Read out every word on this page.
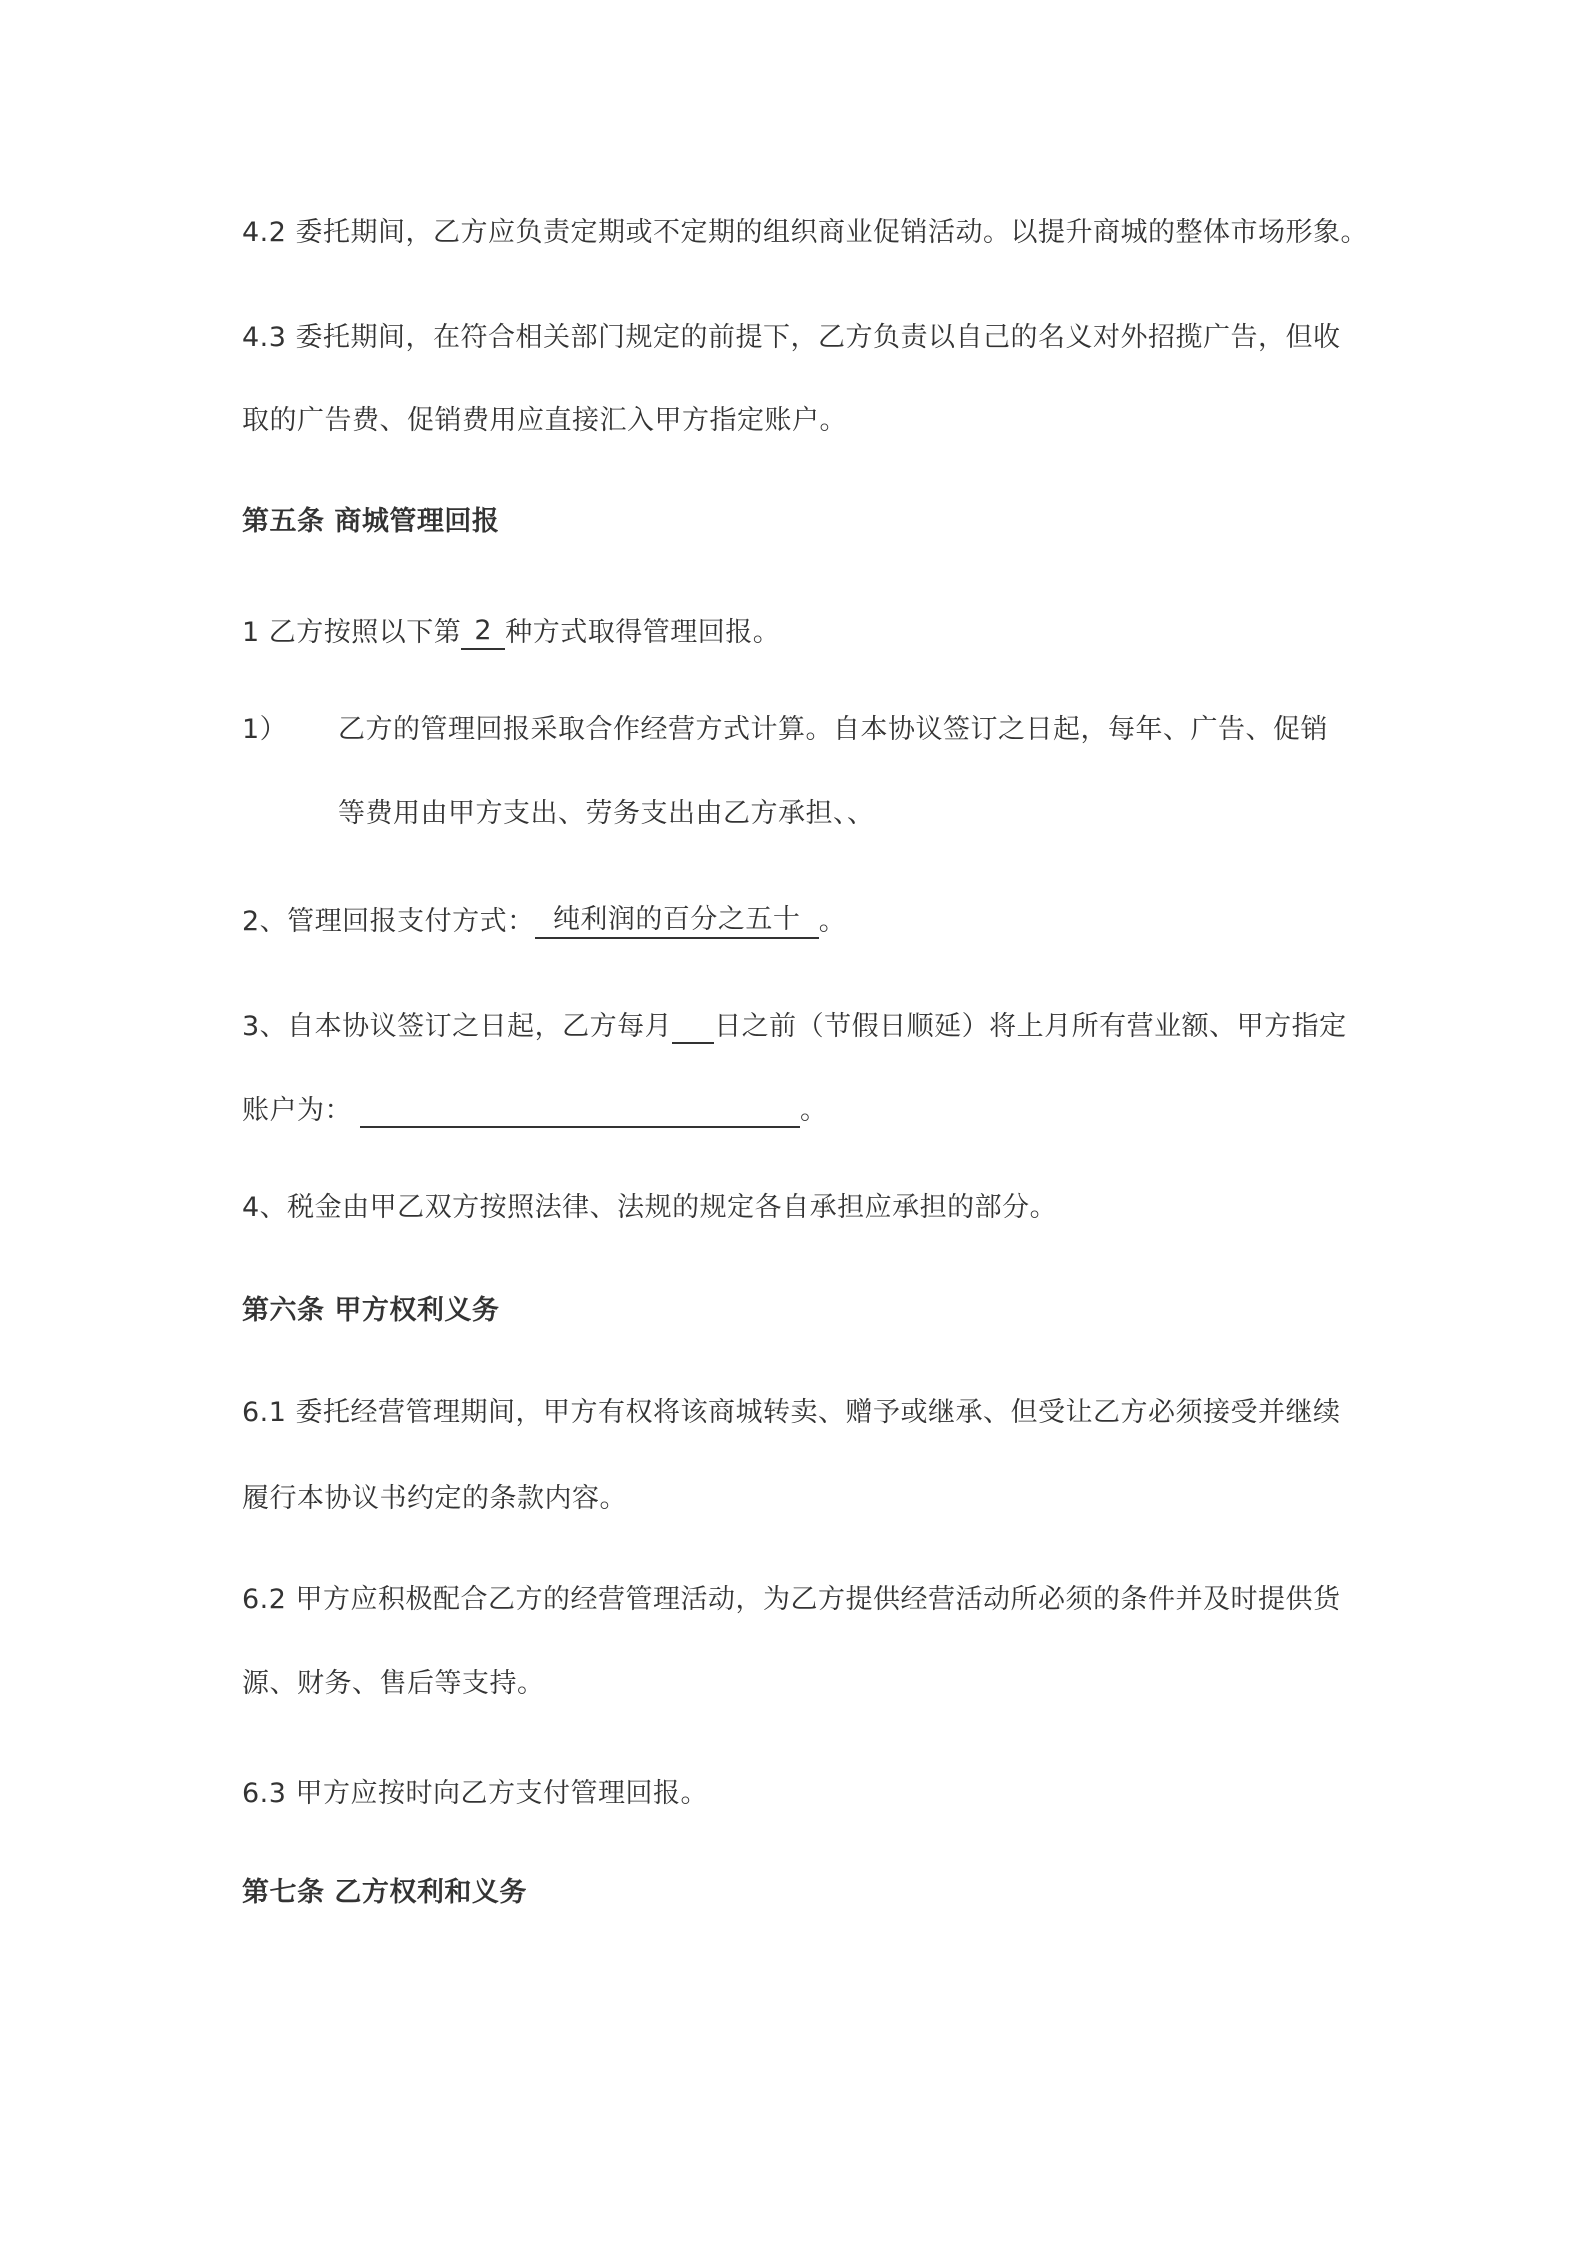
4.2 委托期间，乙方应负责定期或不定期的组织商业促销活动。以提升商城的整体市场形象。

4.3 委托期间，在符合相关部门规定的前提下，乙方负责以自己的名义对外招揽广告，但收

取的广告费、促销费用应直接汇入甲方指定账户。

第五条 商城管理回报

1 乙方按照以下第 2 种方式取得管理回报。

1） 乙方的管理回报采取合作经营方式计算。自本协议签订之日起，每年、广告、促销

等费用由甲方支出、劳务支出由乙方承担、、

2、管理回报支付方式： 纯利润的百分之五十 。

3、自本协议签订之日起，乙方每月 日之前（节假日顺延）将上月所有营业额、甲方指定

账户为：	。

4、税金由甲乙双方按照法律、法规的规定各自承担应承担的部分。

第六条 甲方权利义务

6.1 委托经营管理期间，甲方有权将该商城转卖、赠予或继承、但受让乙方必须接受并继续

履行本协议书约定的条款内容。

6.2 甲方应积极配合乙方的经营管理活动，为乙方提供经营活动所必须的条件并及时提供货

源、财务、售后等支持。

6.3 甲方应按时向乙方支付管理回报。

第七条 乙方权利和义务
